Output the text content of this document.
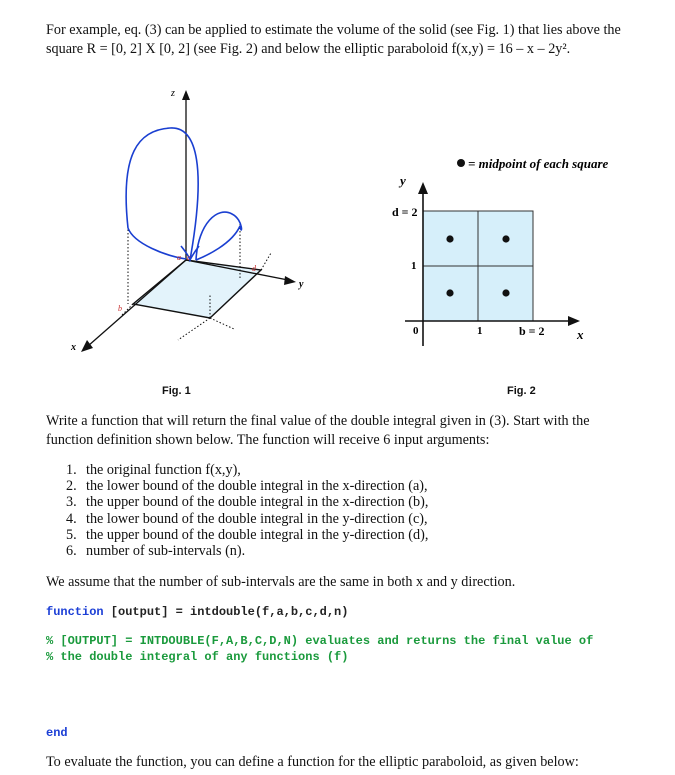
For example, eq. (3) can be applied to estimate the volume of the solid (see Fig. 1) that lies above the
square R = [0, 2] X [0, 2] (see Fig. 2) and below the elliptic paraboloid f(x,y) = 16 – x – 2y².
z
y
x
a c
b
d
= midpoint of each square
y
d = 2
1
0	1	b = 2 x
Fig. 1	Fig. 2
Write a function that will return the final value of the double integral given in (3). Start with the
function definition shown below. The function will receive 6 input arguments:
1. the original function f(x,y),
2. the lower bound of the double integral in the x-direction (a),
3. the upper bound of the double integral in the x-direction (b),
4. the lower bound of the double integral in the y-direction (c),
5. the upper bound of the double integral in the y-direction (d),
6. number of sub-intervals (n).
We assume that the number of sub-intervals are the same in both x and y direction.
function [output] = intdouble(f,a,b,c,d,n)
% [OUTPUT] = INTDOUBLE(F,A,B,C,D,N) evaluates and returns the final value of
% the double integral of any functions (f)
end
To evaluate the function, you can define a function for the elliptic paraboloid, as given below:
